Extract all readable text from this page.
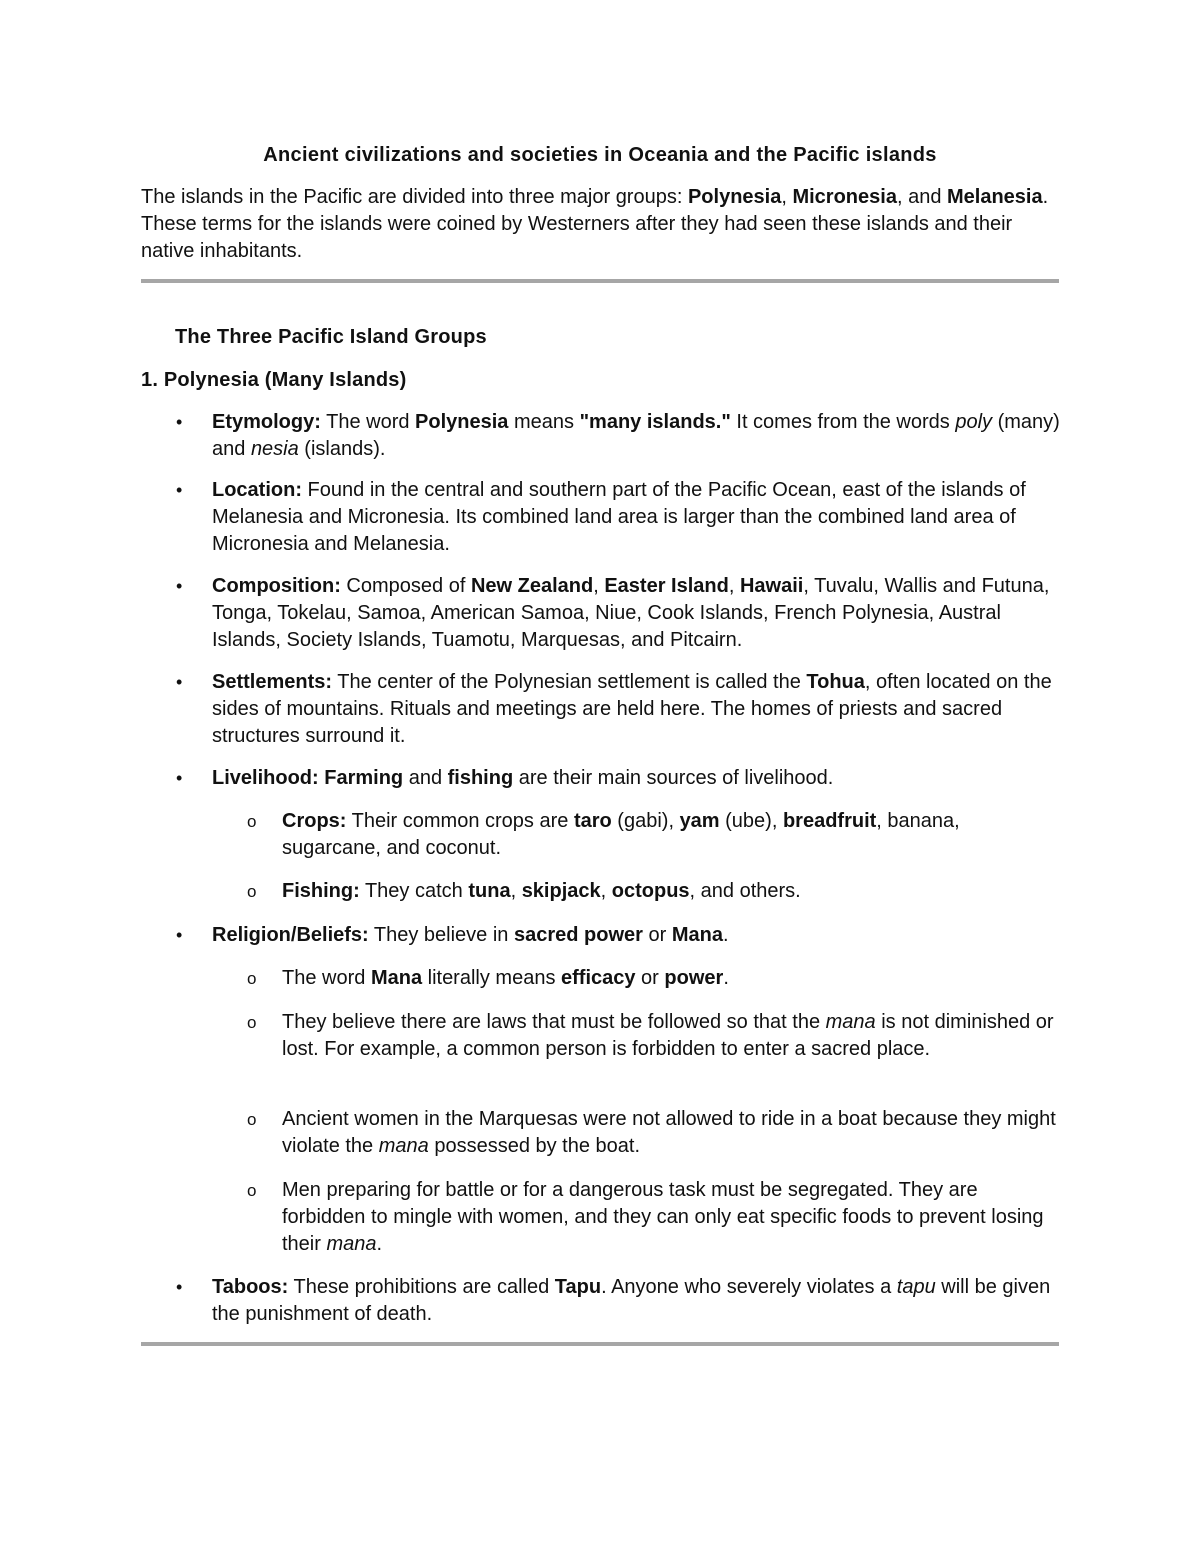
Ancient civilizations and societies in Oceania and the Pacific islands
The islands in the Pacific are divided into three major groups: Polynesia, Micronesia, and Melanesia. These terms for the islands were coined by Westerners after they had seen these islands and their native inhabitants.
The Three Pacific Island Groups
1. Polynesia (Many Islands)
• Etymology: The word Polynesia means "many islands." It comes from the words poly (many) and nesia (islands).
• Location: Found in the central and southern part of the Pacific Ocean, east of the islands of Melanesia and Micronesia. Its combined land area is larger than the combined land area of Micronesia and Melanesia.
• Composition: Composed of New Zealand, Easter Island, Hawaii, Tuvalu, Wallis and Futuna, Tonga, Tokelau, Samoa, American Samoa, Niue, Cook Islands, French Polynesia, Austral Islands, Society Islands, Tuamotu, Marquesas, and Pitcairn.
• Settlements: The center of the Polynesian settlement is called the Tohua, often located on the sides of mountains. Rituals and meetings are held here. The homes of priests and sacred structures surround it.
• Livelihood: Farming and fishing are their main sources of livelihood.
o Crops: Their common crops are taro (gabi), yam (ube), breadfruit, banana, sugarcane, and coconut.
o Fishing: They catch tuna, skipjack, octopus, and others.
• Religion/Beliefs: They believe in sacred power or Mana.
o The word Mana literally means efficacy or power.
o They believe there are laws that must be followed so that the mana is not diminished or lost. For example, a common person is forbidden to enter a sacred place.
o Ancient women in the Marquesas were not allowed to ride in a boat because they might violate the mana possessed by the boat.
o Men preparing for battle or for a dangerous task must be segregated. They are forbidden to mingle with women, and they can only eat specific foods to prevent losing their mana.
• Taboos: These prohibitions are called Tapu. Anyone who severely violates a tapu will be given the punishment of death.
